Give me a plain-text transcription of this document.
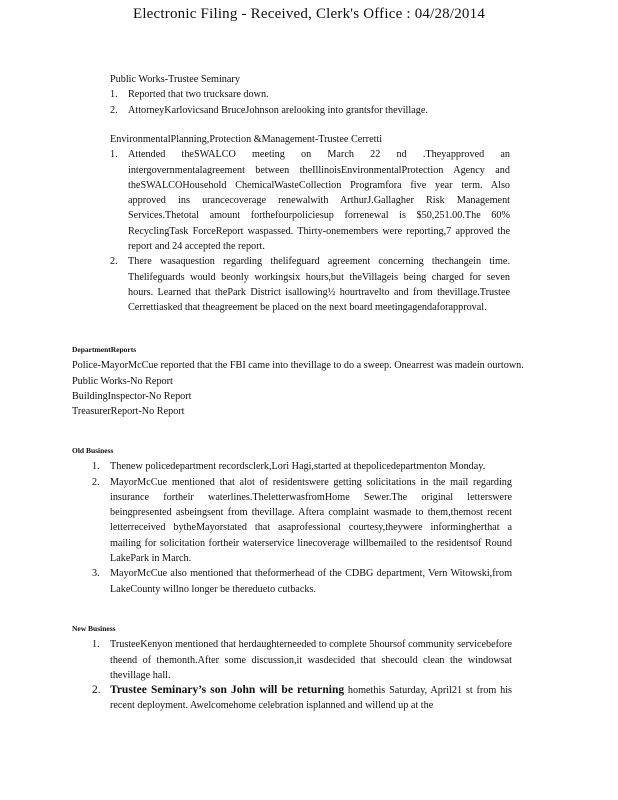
Electronic Filing - Received, Clerk's Office : 04/28/2014

Public Works-Trustee Seminary

1. Reported that two trucksare down.
2. AttorneyKarlovicsand BruceJohnson arelooking into grantsfor thevillage.

EnvironmentalPlanning,Protection &Management-Trustee Cerretti

1. Attended theSWALCO meeting on March 22 nd .Theyapproved an intergovernmentalagreement between theIllinoisEnvironmentalProtection Agency and theSWALCOHousehold ChemicalWasteCollection Programfora five year term. Also approved ins urancecoverage renewalwith ArthurJ.Gallagher Risk Management Services.Thetotal amount forthefourpoliciesup forrenewal is $50,251.00.The 60% RecyclingTask ForceReport waspassed. Thirty-onemembers were reporting,7 approved the report and 24 accepted the report.
2. There wasaquestion regarding thelifeguard agreement concerning thechangein time. Thelifeguards would beonly workingsix hours,but theVillageis being charged for seven hours. Learned that thePark District isallowing½ hourtravelto and from thevillage.Trustee Cerrettiasked that theagreement be placed on the next board meetingagendaforapproval.

DepartmentReports

Police-MayorMcCue reported that the FBI came into thevillage to do a sweep. Onearrest was madein ourtown.

Public Works-No Report

BuildingInspector-No Report

TreasurerReport-No Report

Old Business

1. Thenew policedepartment recordsclerk,Lori Hagi,started at thepolicedepartmenton Monday.
2. MayorMcCue mentioned that alot of residentswere getting solicitations in the mail regarding insurance fortheir waterlines.TheletterwasfromHome Sewer.The original letterswere beingpresented asbeingsent from thevillage. Aftera complaint wasmade to them,themost recent letterreceived bytheMayorstated that asaprofessional courtesy,theywere informingherthat a mailing for solicitation fortheir waterservice linecoverage willbemailed to the residentsof Round LakePark in March.
3. MayorMcCue also mentioned that theformerhead of the CDBG department, Vern Witowski,from LakeCounty willno longer be theredueto cutbacks.

New Business

1. TrusteeKenyon mentioned that herdaughterneeded to complete 5hoursof community servicebefore theend of themonth.After some discussion,it wasdecided that shecould clean the windowsat thevillage hall.
2. Trustee Seminary’s son John will be returning homethis Saturday, April21 st from his recent deployment. Awelcomehome celebration isplanned and willend up at the
